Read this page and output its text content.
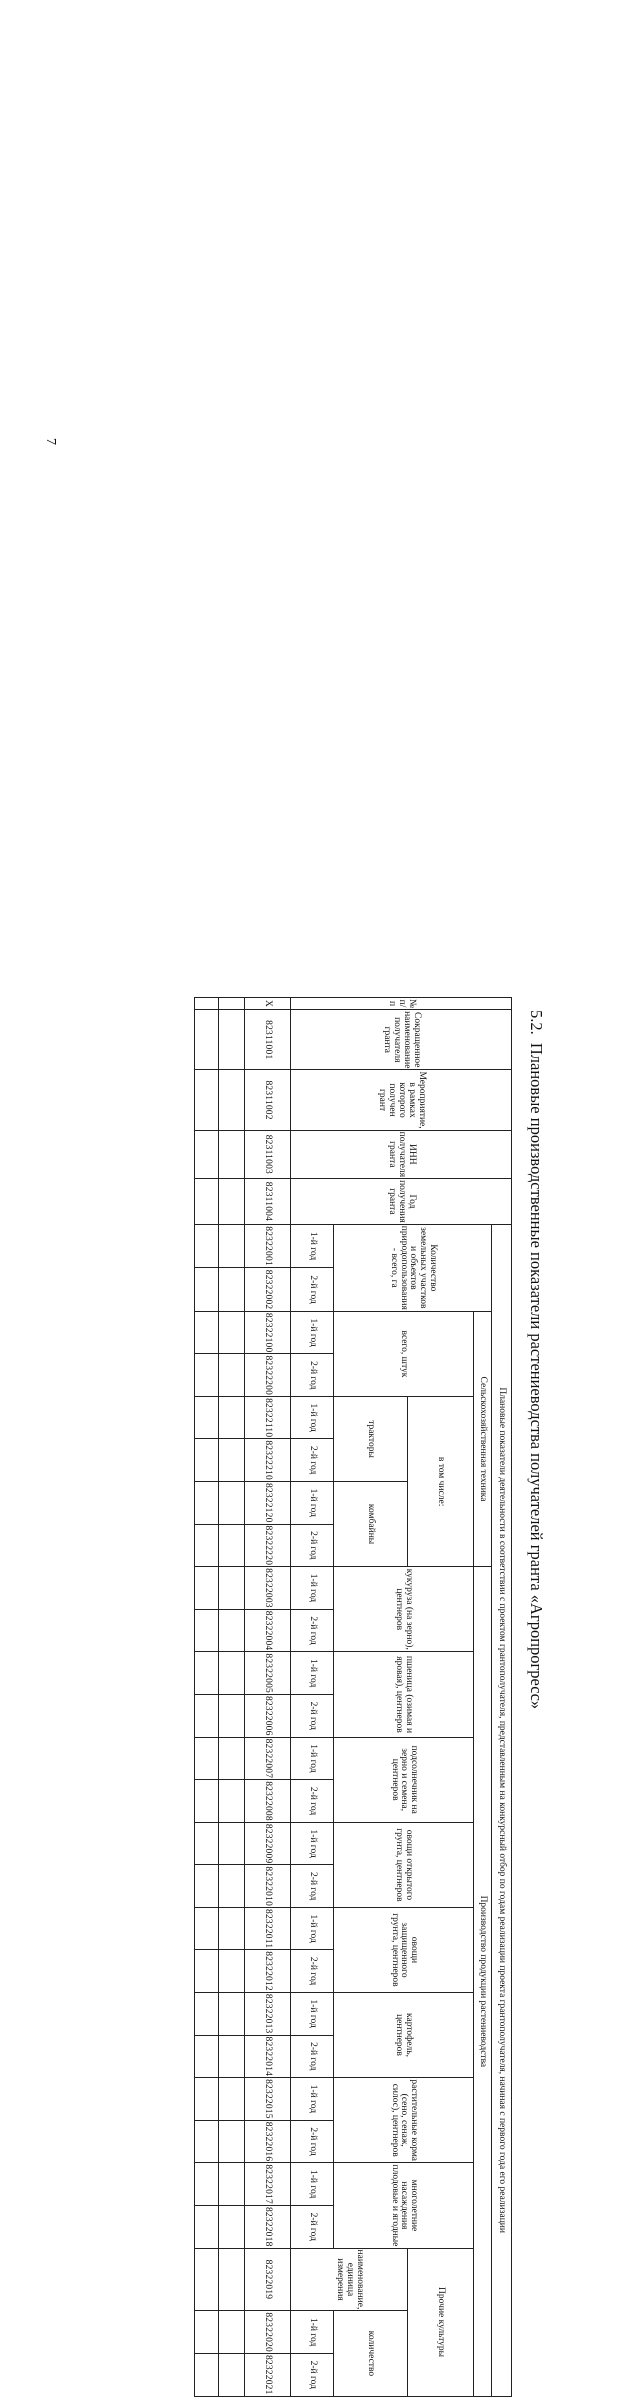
7
5.2. Плановые производственные показатели растениеводства получателей гранта «Агропрогресс»
№ п/п	Сокращенное наименование получателя гранта	Мероприятие, в рамках которого получен грант	ИНН получателя гранта	Год получения гранта	Плановые показатели деятельности в соответствии с проектом грантополучателя, представленным на конкурсный отбор по годам реализации проекта грантополучателя, начиная с первого года его реализации																										
					Количество земельных участков и объектов природопользования - всего, га		Сельскохозяйственная техника						Производство продукции растениеводства																		
							всего, штук		в том числе:				кукуруза (на зерно), центнеров		пшеница (озимая и яровая), центнеров		подсолнечник на зерно и семена, центнеров		овощи открытого грунта, центнеров		овощи защищенного грунта, центнеров		картофель, центнеров		растительные корма (сено, сенаж, силос), центнеров		многолетние насаждения плодовые и ягодные		Прочие культуры		
									тракторы		комбайны																		наименование, единица измерения	количество	
					1-й год	2-й год	1-й год	2-й год	1-й год	2-й год	1-й год	2-й год	1-й год	2-й год	1-й год	2-й год	1-й год	2-й год	1-й год	2-й год	1-й год	2-й год	1-й год	2-й год	1-й год	2-й год	1-й год	2-й год		1-й год	2-й год
X	82311001	82311002	82311003	82311004	82322001	82322002	82322100	82322200	82322110	82322210	82322120	82322220	82322003	82322004	82322005	82322006	82322007	82322008	82322009	82322010	82322011	82322012	82322013	82322014	82322015	82322016	82322017	82322018	82322019	82322020	82322021
